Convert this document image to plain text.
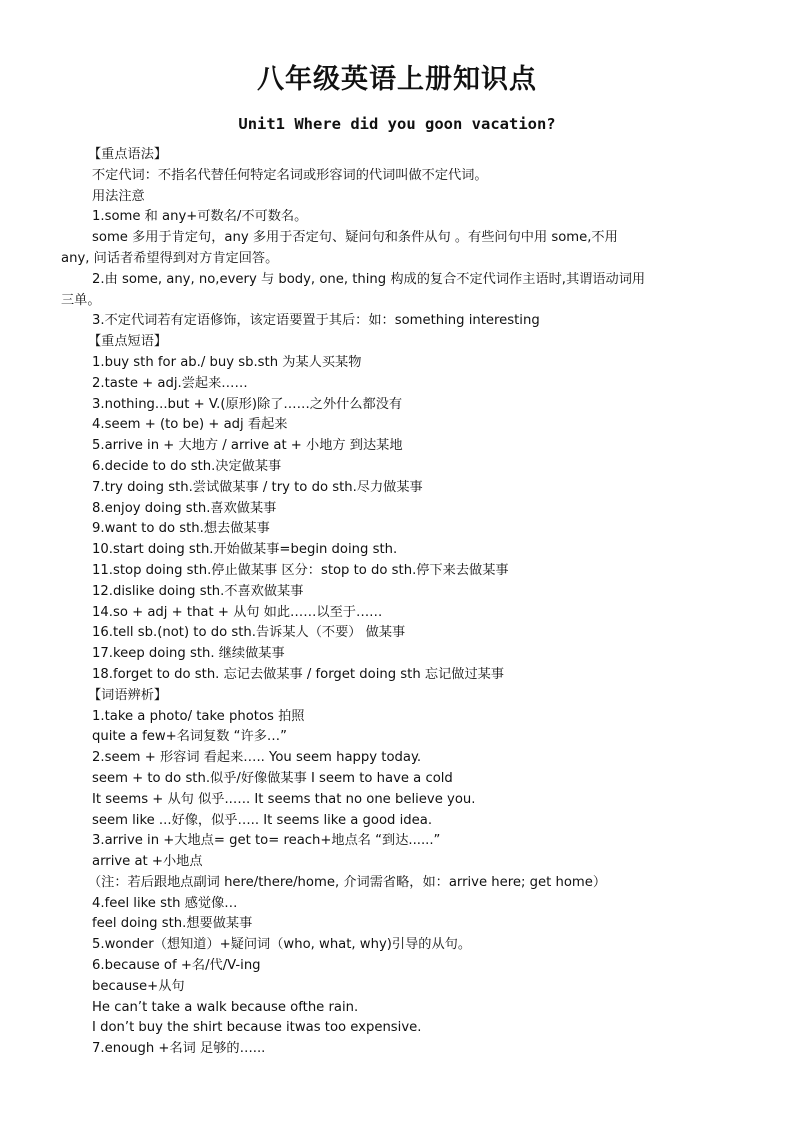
八年级英语上册知识点
Unit1 Where did you goon vacation?
【重点语法】
不定代词：不指名代替任何特定名词或形容词的代词叫做不定代词。
用法注意
1.some 和 any+可数名/不可数名。
some 多用于肯定句，any 多用于否定句、疑问句和条件从句 。有些问句中用 some,不用
any, 问话者希望得到对方肯定回答。
2.由 some, any, no,every 与 body, one, thing 构成的复合不定代词作主语时,其谓语动词用
三单。
3.不定代词若有定语修饰，该定语要置于其后：如：something interesting
【重点短语】
1.buy sth for ab./ buy sb.sth 为某人买某物
2.taste + adj.尝起来……
3.nothing...but + V.(原形)除了……之外什么都没有
4.seem + (to be) + adj 看起来
5.arrive in + 大地方 / arrive at + 小地方 到达某地
6.decide to do sth.决定做某事
7.try doing sth.尝试做某事 / try to do sth.尽力做某事
8.enjoy doing sth.喜欢做某事
9.want to do sth.想去做某事
10.start doing sth.开始做某事=begin doing sth.
11.stop doing sth.停止做某事 区分：stop to do sth.停下来去做某事
12.dislike doing sth.不喜欢做某事
14.so + adj + that + 从句 如此……以至于……
16.tell sb.(not) to do sth.告诉某人（不要） 做某事
17.keep doing sth. 继续做某事
18.forget to do sth. 忘记去做某事 / forget doing sth 忘记做过某事
【词语辨析】
1.take a photo/ take photos 拍照
quite a few+名词复数 “许多…”
2.seem + 形容词 看起来….. You seem happy today.
seem + to do sth.似乎/好像做某事 I seem to have a cold
It seems + 从句 似乎..…. It seems that no one believe you.
seem like ...好像，似乎….. It seems like a good idea.
3.arrive in +大地点= get to= reach+地点名 “到达......”
arrive at +小地点
（注：若后跟地点副词 here/there/home, 介词需省略，如：arrive here; get home）
4.feel like sth 感觉像…
feel doing sth.想要做某事
5.wonder（想知道）+疑问词（who, what, why)引导的从句。
6.because of +名/代/V-ing
because+从句
He can’t take a walk because ofthe rain.
I don’t buy the shirt because itwas too expensive.
7.enough +名词 足够的…...
